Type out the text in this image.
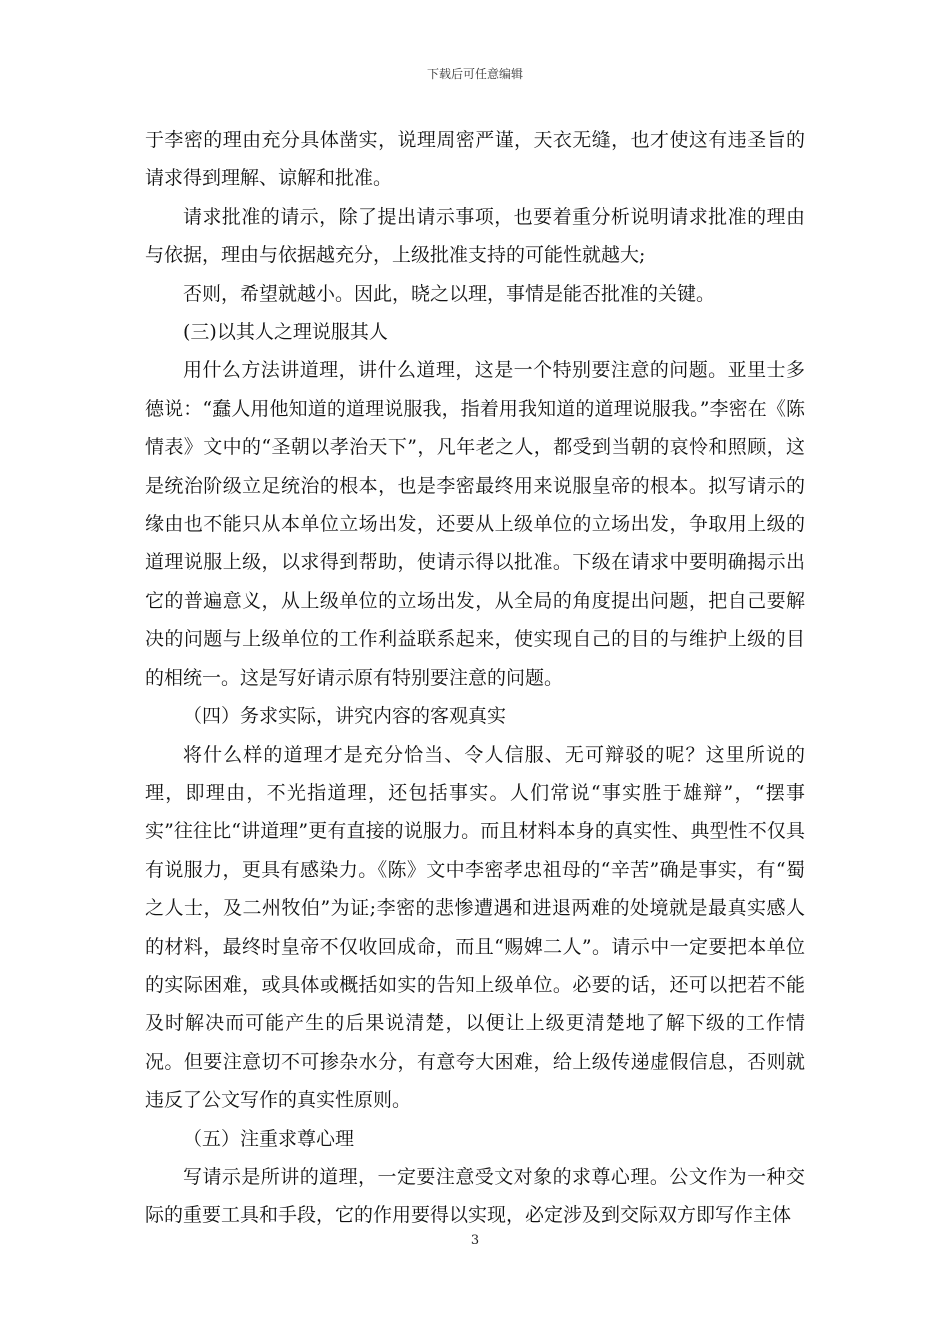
下载后可任意编辑

于李密的理由充分具体凿实，说理周密严谨，天衣无缝，也才使这有违圣旨的请求得到理解、谅解和批准。

请求批准的请示，除了提出请示事项，也要着重分析说明请求批准的理由与依据，理由与依据越充分，上级批准支持的可能性就越大;

否则，希望就越小。因此，晓之以理，事情是能否批准的关键。

(三)以其人之理说服其人

用什么方法讲道理，讲什么道理，这是一个特别要注意的问题。亚里士多德说：“蠢人用他知道的道理说服我，指着用我知道的道理说服我。”李密在《陈情表》文中的“圣朝以孝治天下”，凡年老之人，都受到当朝的哀怜和照顾，这是统治阶级立足统治的根本，也是李密最终用来说服皇帝的根本。拟写请示的缘由也不能只从本单位立场出发，还要从上级单位的立场出发，争取用上级的道理说服上级，以求得到帮助，使请示得以批准。下级在请求中要明确揭示出它的普遍意义，从上级单位的立场出发，从全局的角度提出问题，把自己要解决的问题与上级单位的工作利益联系起来，使实现自己的目的与维护上级的目的相统一。这是写好请示原有特别要注意的问题。

（四）务求实际，讲究内容的客观真实

将什么样的道理才是充分恰当、令人信服、无可辩驳的呢？这里所说的理，即理由，不光指道理，还包括事实。人们常说“事实胜于雄辩”，“摆事实”往往比“讲道理”更有直接的说服力。而且材料本身的真实性、典型性不仅具有说服力，更具有感染力。《陈》文中李密孝忠祖母的“辛苦”确是事实，有“蜀之人士，及二州牧伯”为证;李密的悲惨遭遇和进退两难的处境就是最真实感人的材料，最终时皇帝不仅收回成命，而且“赐婢二人”。请示中一定要把本单位的实际困难，或具体或概括如实的告知上级单位。必要的话，还可以把若不能及时解决而可能产生的后果说清楚，以便让上级更清楚地了解下级的工作情况。但要注意切不可掺杂水分，有意夸大困难，给上级传递虚假信息，否则就违反了公文写作的真实性原则。

（五）注重求尊心理

写请示是所讲的道理，一定要注意受文对象的求尊心理。公文作为一种交际的重要工具和手段，它的作用要得以实现，必定涉及到交际双方即写作主体

3
